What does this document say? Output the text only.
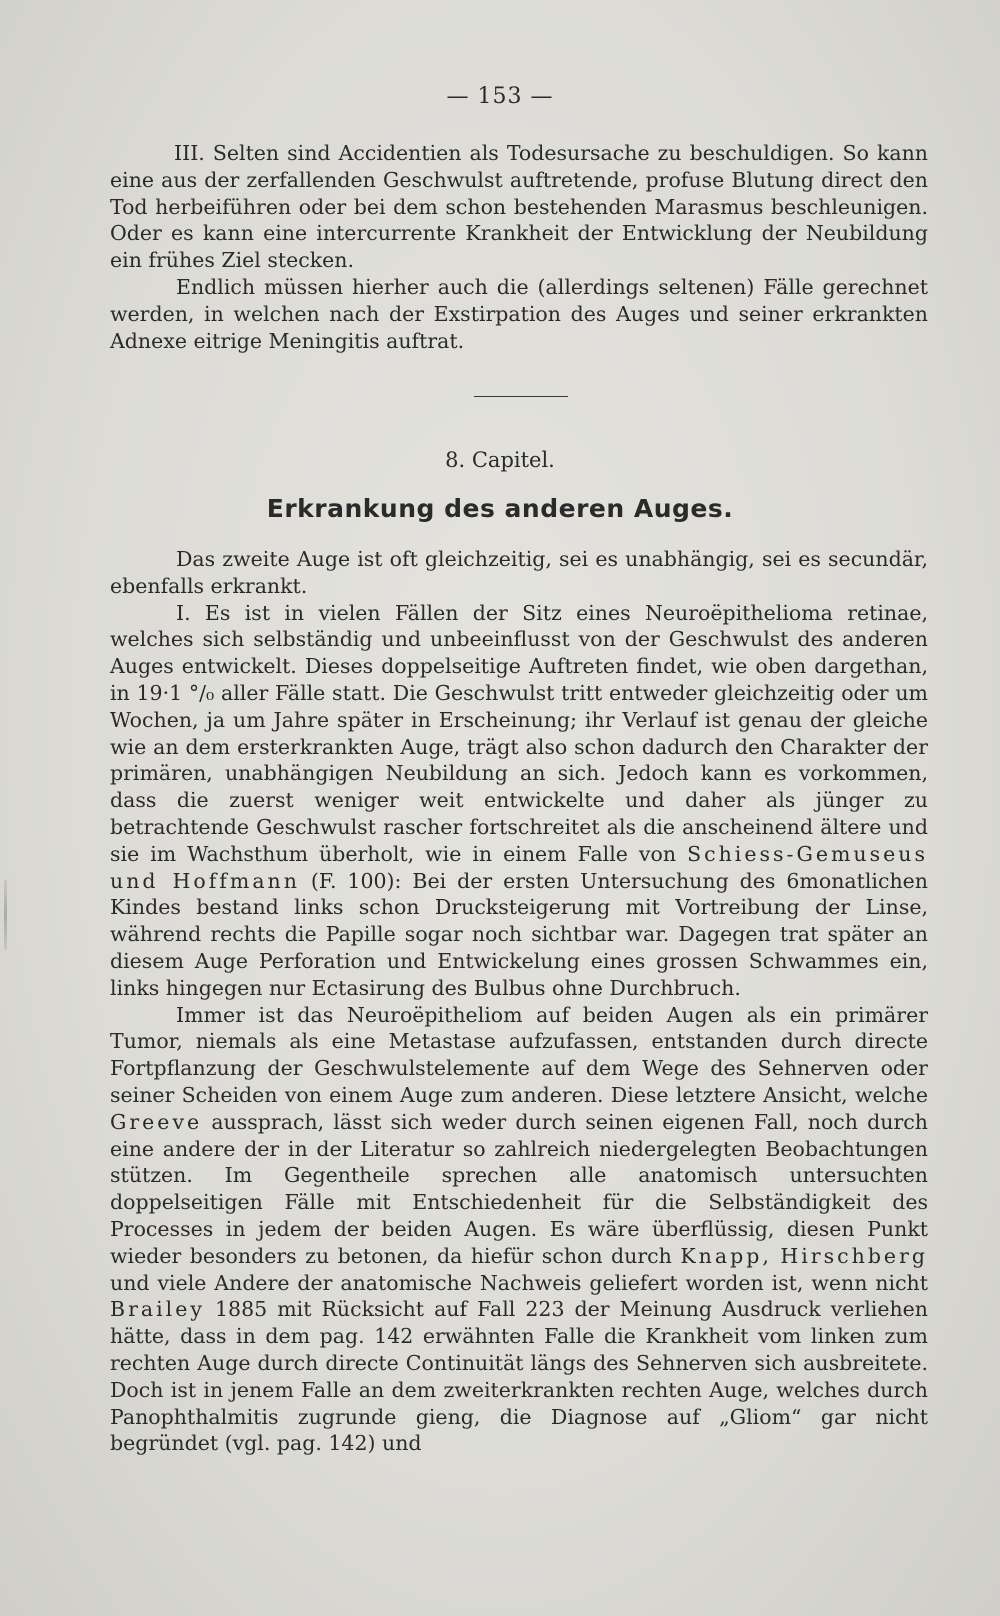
— 153 —

III. Selten sind Accidentien als Todesursache zu beschuldigen. So kann eine aus der zerfallenden Geschwulst auftretende, profuse Blutung direct den Tod herbeiführen oder bei dem schon bestehenden Marasmus beschleunigen. Oder es kann eine intercurrente Krankheit der Entwicklung der Neubildung ein frühes Ziel stecken.

Endlich müssen hierher auch die (allerdings seltenen) Fälle gerechnet werden, in welchen nach der Exstirpation des Auges und seiner erkrankten Adnexe eitrige Meningitis auftrat.

8. Capitel.
Erkrankung des anderen Auges.

Das zweite Auge ist oft gleichzeitig, sei es unabhängig, sei es secundär, ebenfalls erkrankt.

I. Es ist in vielen Fällen der Sitz eines Neuroëpithelioma retinae, welches sich selbständig und unbeeinflusst von der Geschwulst des anderen Auges entwickelt. Dieses doppelseitige Auftreten findet, wie oben dargethan, in 19·1 °/₀ aller Fälle statt. Die Geschwulst tritt entweder gleichzeitig oder um Wochen, ja um Jahre später in Erscheinung; ihr Verlauf ist genau der gleiche wie an dem ersterkrankten Auge, trägt also schon dadurch den Charakter der primären, unabhängigen Neubildung an sich. Jedoch kann es vorkommen, dass die zuerst weniger weit entwickelte und daher als jünger zu betrachtende Geschwulst rascher fortschreitet als die anscheinend ältere und sie im Wachsthum überholt, wie in einem Falle von Schiess-Gemuseus und Hoffmann (F. 100): Bei der ersten Untersuchung des 6monatlichen Kindes bestand links schon Drucksteigerung mit Vortreibung der Linse, während rechts die Papille sogar noch sichtbar war. Dagegen trat später an diesem Auge Perforation und Entwickelung eines grossen Schwammes ein, links hingegen nur Ectasirung des Bulbus ohne Durchbruch.

Immer ist das Neuroëpitheliom auf beiden Augen als ein primärer Tumor, niemals als eine Metastase aufzufassen, entstanden durch directe Fortpflanzung der Geschwulstelemente auf dem Wege des Sehnerven oder seiner Scheiden von einem Auge zum anderen. Diese letztere Ansicht, welche Greeve aussprach, lässt sich weder durch seinen eigenen Fall, noch durch eine andere der in der Literatur so zahlreich niedergelegten Beobachtungen stützen. Im Gegentheile sprechen alle anatomisch untersuchten doppelseitigen Fälle mit Entschiedenheit für die Selbständigkeit des Processes in jedem der beiden Augen. Es wäre überflüssig, diesen Punkt wieder besonders zu betonen, da hiefür schon durch Knapp, Hirschberg und viele Andere der anatomische Nachweis geliefert worden ist, wenn nicht Brailey 1885 mit Rücksicht auf Fall 223 der Meinung Ausdruck verliehen hätte, dass in dem pag. 142 erwähnten Falle die Krankheit vom linken zum rechten Auge durch directe Continuität längs des Sehnerven sich ausbreitete. Doch ist in jenem Falle an dem zweiterkrankten rechten Auge, welches durch Panophthalmitis zugrunde gieng, die Diagnose auf „Gliom“ gar nicht begründet (vgl. pag. 142) und
